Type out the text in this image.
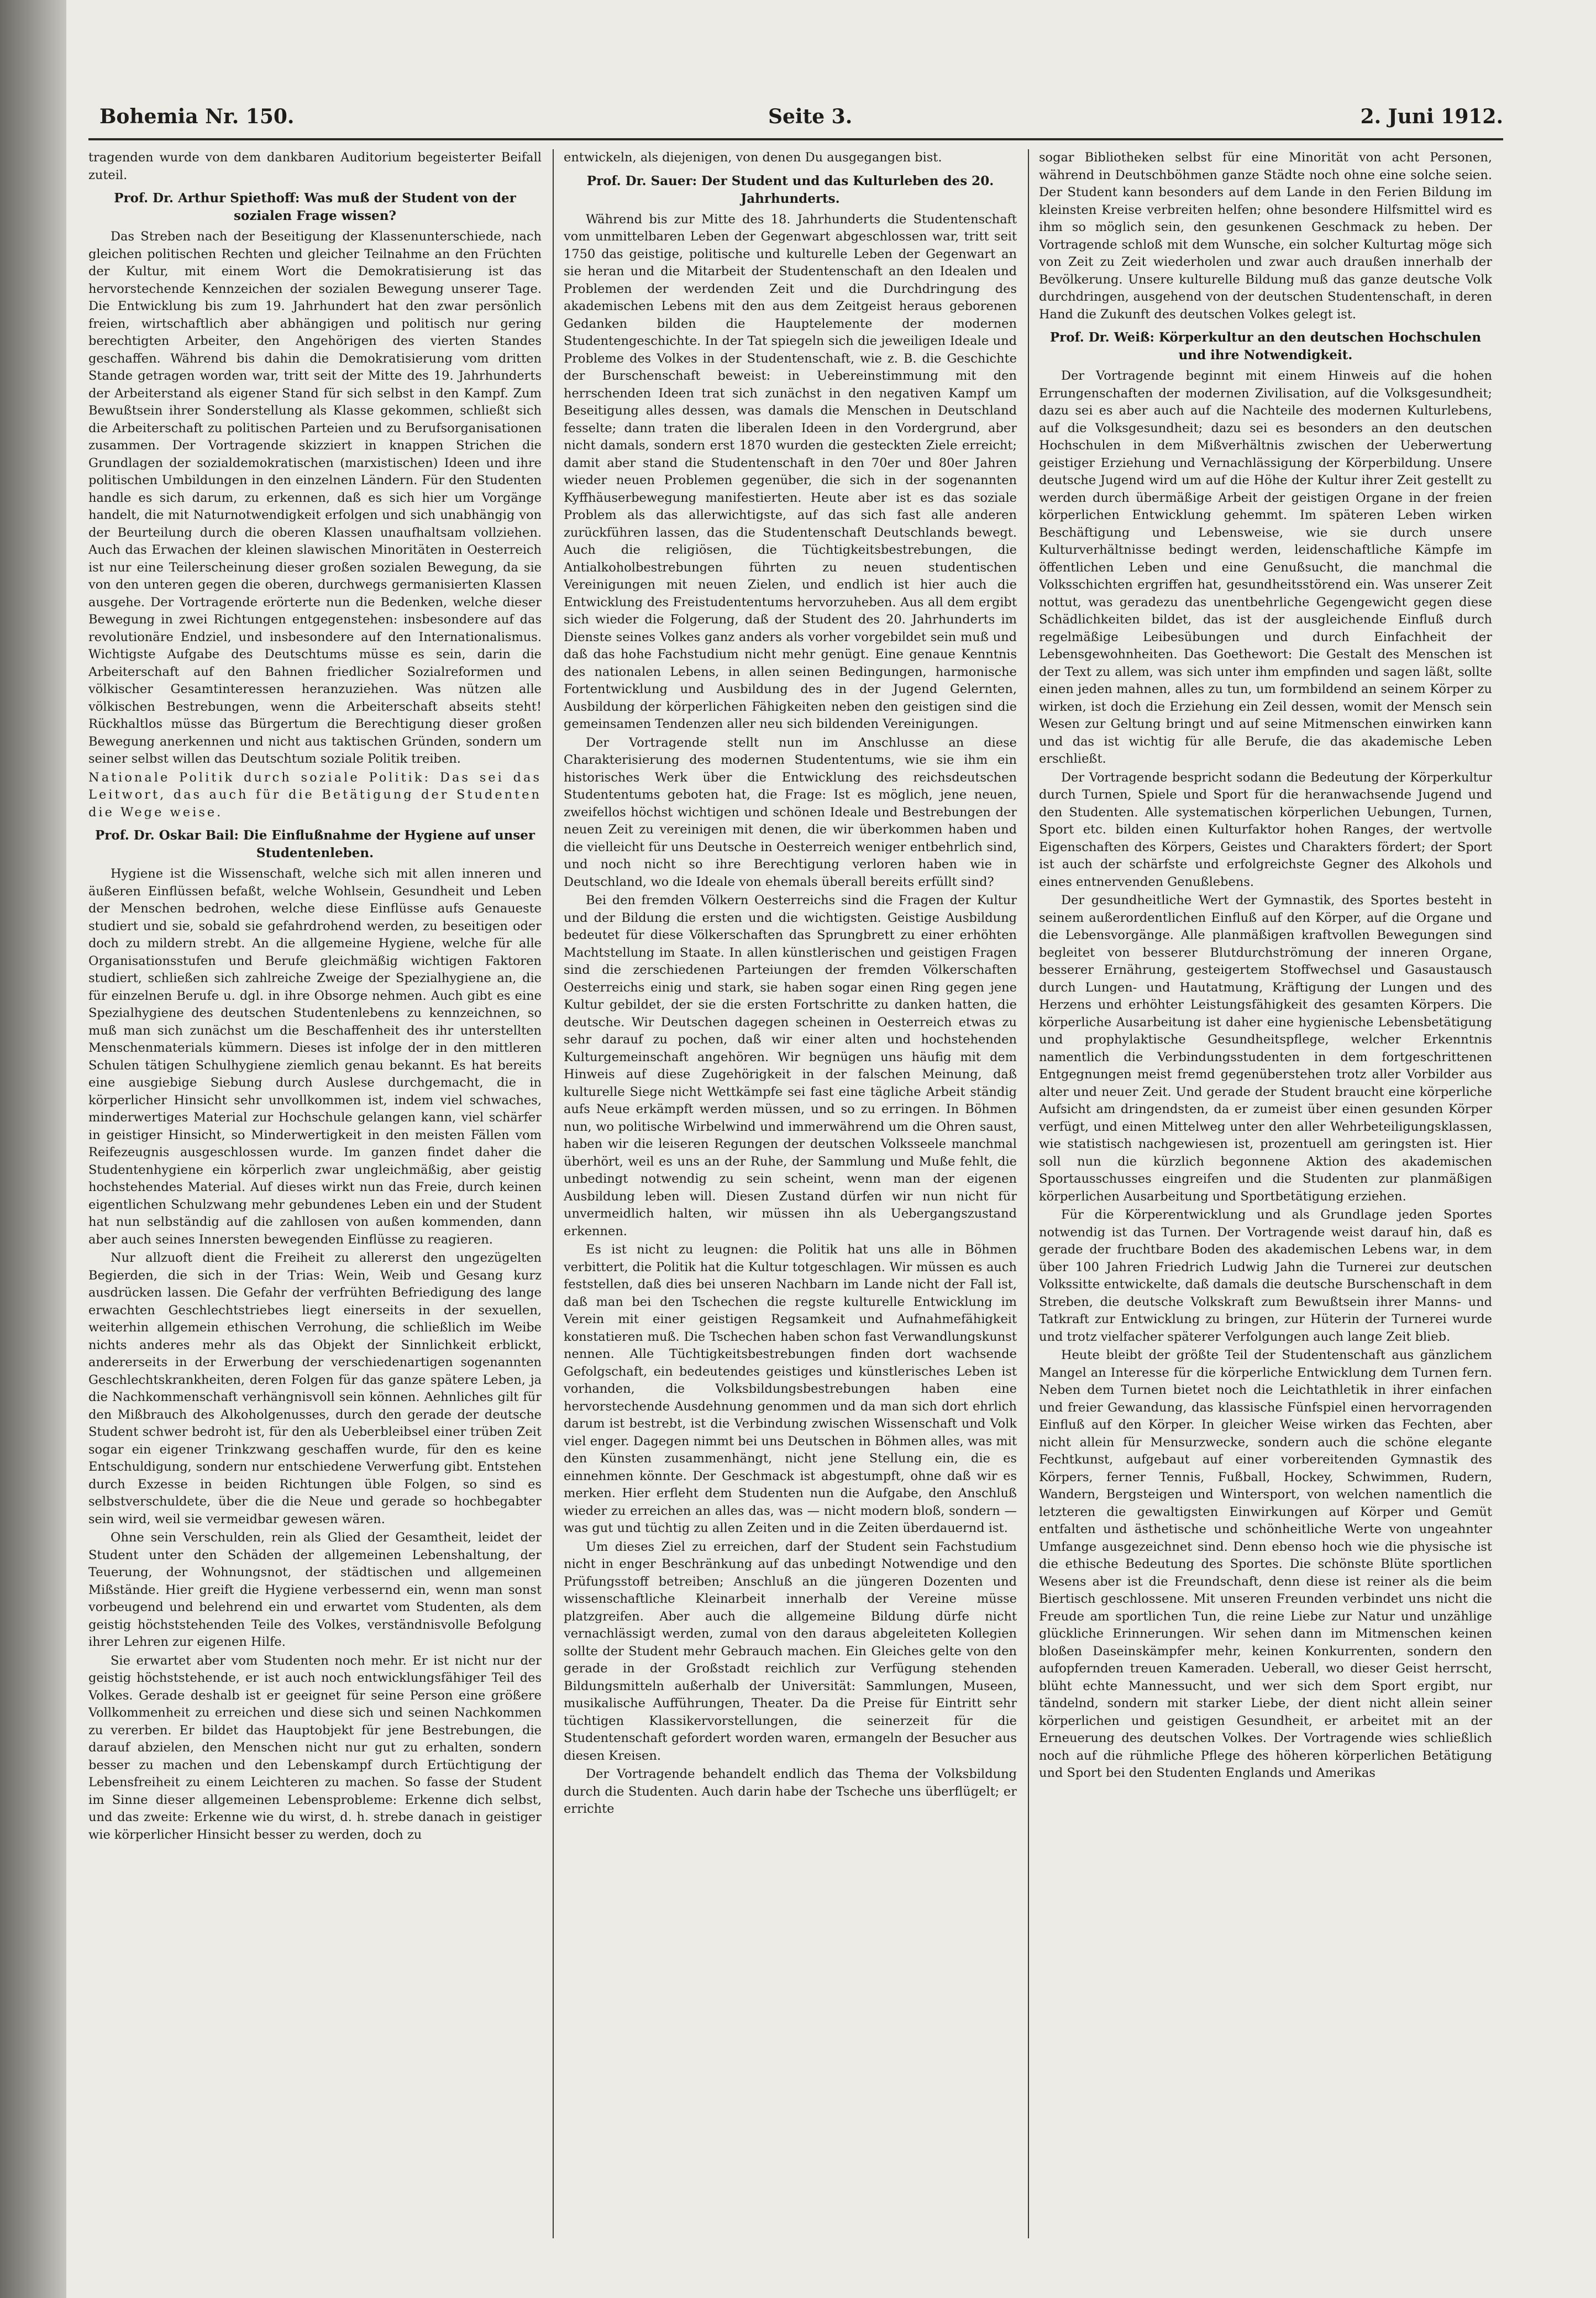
Bohemia Nr. 150.	Seite 3.	2. Juni 1912.

tragenden wurde von dem dankbaren Auditorium begeisterter Beifall zuteil.

Prof. Dr. Arthur Spiethoff: Was muß der Student von der sozialen Frage wissen?

Das Streben nach der Beseitigung der Klassenunterschiede, nach gleichen politischen Rechten und gleicher Teilnahme an den Früchten der Kultur, mit einem Wort die Demokratisierung ist das hervorstechende Kennzeichen der sozialen Bewegung unserer Tage. Die Entwicklung bis zum 19. Jahrhundert hat den zwar persönlich freien, wirtschaftlich aber abhängigen und politisch nur gering berechtigten Arbeiter, den Angehörigen des vierten Standes geschaffen. Während bis dahin die Demokratisierung vom dritten Stande getragen worden war, tritt seit der Mitte des 19. Jahrhunderts der Arbeiterstand als eigener Stand für sich selbst in den Kampf. Zum Bewußtsein ihrer Sonderstellung als Klasse gekommen, schließt sich die Arbeiterschaft zu politischen Parteien und zu Berufsorganisationen zusammen. Der Vortragende skizziert in knappen Strichen die Grundlagen der sozialdemokratischen (marxistischen) Ideen und ihre politischen Umbildungen in den einzelnen Ländern. Für den Studenten handle es sich darum, zu erkennen, daß es sich hier um Vorgänge handelt, die mit Naturnotwendigkeit erfolgen und sich unabhängig von der Beurteilung durch die oberen Klassen unaufhaltsam vollziehen. Auch das Erwachen der kleinen slawischen Minoritäten in Oesterreich ist nur eine Teilerscheinung dieser großen sozialen Bewegung, da sie von den unteren gegen die oberen, durchwegs germanisierten Klassen ausgehe. Der Vortragende erörterte nun die Bedenken, welche dieser Bewegung in zwei Richtungen entgegenstehen: insbesondere auf das revolutionäre Endziel, und insbesondere auf den Internationalismus. Wichtigste Aufgabe des Deutschtums müsse es sein, darin die Arbeiterschaft auf den Bahnen friedlicher Sozialreformen und völkischer Gesamtinteressen heranzuziehen. Was nützen alle völkischen Bestrebungen, wenn die Arbeiterschaft abseits steht! Rückhaltlos müsse das Bürgertum die Berechtigung dieser großen Bewegung anerkennen und nicht aus taktischen Gründen, sondern um seiner selbst willen das Deutschtum soziale Politik treiben.

Nationale Politik durch soziale Politik: Das sei das Leitwort, das auch für die Betätigung der Studenten die Wege weise.

Prof. Dr. Oskar Bail: Die Einflußnahme der Hygiene auf unser Studentenleben.

Hygiene ist die Wissenschaft, welche sich mit allen inneren und äußeren Einflüssen befaßt, welche Wohlsein, Gesundheit und Leben der Menschen bedrohen, welche diese Einflüsse aufs Genaueste studiert und sie, sobald sie gefahrdrohend werden, zu beseitigen oder doch zu mildern strebt. An die allgemeine Hygiene, welche für alle Organisationsstufen und Berufe gleichmäßig wichtigen Faktoren studiert, schließen sich zahlreiche Zweige der Spezialhygiene an, die für einzelnen Berufe u. dgl. in ihre Obsorge nehmen. Auch gibt es eine Spezialhygiene des deutschen Studentenlebens zu kennzeichnen, so muß man sich zunächst um die Beschaffenheit des ihr unterstellten Menschenmaterials kümmern. Dieses ist infolge der in den mittleren Schulen tätigen Schulhygiene ziemlich genau bekannt. Es hat bereits eine ausgiebige Siebung durch Auslese durchgemacht, die in körperlicher Hinsicht sehr unvollkommen ist, indem viel schwaches, minderwertiges Material zur Hochschule gelangen kann, viel schärfer in geistiger Hinsicht, so Minderwertigkeit in den meisten Fällen vom Reifezeugnis ausgeschlossen wurde. Im ganzen findet daher die Studentenhygiene ein körperlich zwar ungleichmäßig, aber geistig hochstehendes Material. Auf dieses wirkt nun das Freie, durch keinen eigentlichen Schulzwang mehr gebundenes Leben ein und der Student hat nun selbständig auf die zahllosen von außen kommenden, dann aber auch seines Innersten bewegenden Einflüsse zu reagieren.

Nur allzuoft dient die Freiheit zu allererst den ungezügelten Begierden, die sich in der Trias: Wein, Weib und Gesang kurz ausdrücken lassen. Die Gefahr der verfrühten Befriedigung des lange erwachten Geschlechtstriebes liegt einerseits in der sexuellen, weiterhin allgemein ethischen Verrohung, die schließlich im Weibe nichts anderes mehr als das Objekt der Sinnlichkeit erblickt, andererseits in der Erwerbung der verschiedenartigen sogenannten Geschlechtskrankheiten, deren Folgen für das ganze spätere Leben, ja die Nachkommenschaft verhängnisvoll sein können. Aehnliches gilt für den Mißbrauch des Alkoholgenusses, durch den gerade der deutsche Student schwer bedroht ist, für den als Ueberbleibsel einer trüben Zeit sogar ein eigener Trinkzwang geschaffen wurde, für den es keine Entschuldigung, sondern nur entschiedene Verwerfung gibt. Entstehen durch Exzesse in beiden Richtungen üble Folgen, so sind es selbstverschuldete, über die die Neue und gerade so hochbegabter sein wird, weil sie vermeidbar gewesen wären.

Ohne sein Verschulden, rein als Glied der Gesamtheit, leidet der Student unter den Schäden der allgemeinen Lebenshaltung, der Teuerung, der Wohnungsnot, der städtischen und allgemeinen Mißstände. Hier greift die Hygiene verbessernd ein, wenn man sonst vorbeugend und belehrend ein und erwartet vom Studenten, als dem geistig höchststehenden Teile des Volkes, verständnisvolle Befolgung ihrer Lehren zur eigenen Hilfe.

Sie erwartet aber vom Studenten noch mehr. Er ist nicht nur der geistig höchststehende, er ist auch noch entwicklungsfähiger Teil des Volkes. Gerade deshalb ist er geeignet für seine Person eine größere Vollkommenheit zu erreichen und diese sich und seinen Nachkommen zu vererben. Er bildet das Hauptobjekt für jene Bestrebungen, die darauf abzielen, den Menschen nicht nur gut zu erhalten, sondern besser zu machen und den Lebenskampf durch Ertüchtigung der Lebensfreiheit zu einem Leichteren zu machen. So fasse der Student im Sinne dieser allgemeinen Lebensprobleme: Erkenne dich selbst, und das zweite: Erkenne wie du wirst, d. h. strebe danach in geistiger wie körperlicher Hinsicht besser zu werden, doch zu

entwickeln, als diejenigen, von denen Du ausgegangen bist.

Prof. Dr. Sauer: Der Student und das Kulturleben des 20. Jahrhunderts.

Während bis zur Mitte des 18. Jahrhunderts die Studentenschaft vom unmittelbaren Leben der Gegenwart abgeschlossen war, tritt seit 1750 das geistige, politische und kulturelle Leben der Gegenwart an sie heran und die Mitarbeit der Studentenschaft an den Idealen und Problemen der werdenden Zeit und die Durchdringung des akademischen Lebens mit den aus dem Zeitgeist heraus geborenen Gedanken bilden die Hauptelemente der modernen Studentengeschichte. In der Tat spiegeln sich die jeweiligen Ideale und Probleme des Volkes in der Studentenschaft, wie z. B. die Geschichte der Burschenschaft beweist: in Uebereinstimmung mit den herrschenden Ideen trat sich zunächst in den negativen Kampf um Beseitigung alles dessen, was damals die Menschen in Deutschland fesselte; dann traten die liberalen Ideen in den Vordergrund, aber nicht damals, sondern erst 1870 wurden die gesteckten Ziele erreicht; damit aber stand die Studentenschaft in den 70er und 80er Jahren wieder neuen Problemen gegenüber, die sich in der sogenannten Kyffhäuserbewegung manifestierten. Heute aber ist es das soziale Problem als das allerwichtigste, auf das sich fast alle anderen zurückführen lassen, das die Studentenschaft Deutschlands bewegt. Auch die religiösen, die Tüchtigkeitsbestrebungen, die Antialkoholbestrebungen führten zu neuen studentischen Vereinigungen mit neuen Zielen, und endlich ist hier auch die Entwicklung des Freistudententums hervorzuheben. Aus all dem ergibt sich wieder die Folgerung, daß der Student des 20. Jahrhunderts im Dienste seines Volkes ganz anders als vorher vorgebildet sein muß und daß das hohe Fachstudium nicht mehr genügt. Eine genaue Kenntnis des nationalen Lebens, in allen seinen Bedingungen, harmonische Fortentwicklung und Ausbildung des in der Jugend Gelernten, Ausbildung der körperlichen Fähigkeiten neben den geistigen sind die gemeinsamen Tendenzen aller neu sich bildenden Vereinigungen.

Der Vortragende stellt nun im Anschlusse an diese Charakterisierung des modernen Studententums, wie sie ihm ein historisches Werk über die Entwicklung des reichsdeutschen Studententums geboten hat, die Frage: Ist es möglich, jene neuen, zweifellos höchst wichtigen und schönen Ideale und Bestrebungen der neuen Zeit zu vereinigen mit denen, die wir überkommen haben und die vielleicht für uns Deutsche in Oesterreich weniger entbehrlich sind, und noch nicht so ihre Berechtigung verloren haben wie in Deutschland, wo die Ideale von ehemals überall bereits erfüllt sind?

Bei den fremden Völkern Oesterreichs sind die Fragen der Kultur und der Bildung die ersten und die wichtigsten. Geistige Ausbildung bedeutet für diese Völkerschaften das Sprungbrett zu einer erhöhten Machtstellung im Staate. In allen künstlerischen und geistigen Fragen sind die zerschiedenen Parteiungen der fremden Völkerschaften Oesterreichs einig und stark, sie haben sogar einen Ring gegen jene Kultur gebildet, der sie die ersten Fortschritte zu danken hatten, die deutsche. Wir Deutschen dagegen scheinen in Oesterreich etwas zu sehr darauf zu pochen, daß wir einer alten und hochstehenden Kulturgemeinschaft angehören. Wir begnügen uns häufig mit dem Hinweis auf diese Zugehörigkeit in der falschen Meinung, daß kulturelle Siege nicht Wettkämpfe sei fast eine tägliche Arbeit ständig aufs Neue erkämpft werden müssen, und so zu erringen. In Böhmen nun, wo politische Wirbelwind und immerwährend um die Ohren saust, haben wir die leiseren Regungen der deutschen Volksseele manchmal überhört, weil es uns an der Ruhe, der Sammlung und Muße fehlt, die unbedingt notwendig zu sein scheint, wenn man der eigenen Ausbildung leben will. Diesen Zustand dürfen wir nun nicht für unvermeidlich halten, wir müssen ihn als Uebergangszustand erkennen.

Es ist nicht zu leugnen: die Politik hat uns alle in Böhmen verbittert, die Politik hat die Kultur totgeschlagen. Wir müssen es auch feststellen, daß dies bei unseren Nachbarn im Lande nicht der Fall ist, daß man bei den Tschechen die regste kulturelle Entwicklung im Verein mit einer geistigen Regsamkeit und Aufnahmefähigkeit konstatieren muß. Die Tschechen haben schon fast Verwandlungskunst nennen. Alle Tüchtigkeitsbestrebungen finden dort wachsende Gefolgschaft, ein bedeutendes geistiges und künstlerisches Leben ist vorhanden, die Volksbildungsbestrebungen haben eine hervorstechende Ausdehnung genommen und da man sich dort ehrlich darum ist bestrebt, ist die Verbindung zwischen Wissenschaft und Volk viel enger. Dagegen nimmt bei uns Deutschen in Böhmen alles, was mit den Künsten zusammenhängt, nicht jene Stellung ein, die es einnehmen könnte. Der Geschmack ist abgestumpft, ohne daß wir es merken. Hier erfleht dem Studenten nun die Aufgabe, den Anschluß wieder zu erreichen an alles das, was — nicht modern bloß, sondern — was gut und tüchtig zu allen Zeiten und in die Zeiten überdauernd ist.

Um dieses Ziel zu erreichen, darf der Student sein Fachstudium nicht in enger Beschränkung auf das unbedingt Notwendige und den Prüfungsstoff betreiben; Anschluß an die jüngeren Dozenten und wissenschaftliche Kleinarbeit innerhalb der Vereine müsse platzgreifen. Aber auch die allgemeine Bildung dürfe nicht vernachlässigt werden, zumal von den daraus abgeleiteten Kollegien sollte der Student mehr Gebrauch machen. Ein Gleiches gelte von den gerade in der Großstadt reichlich zur Verfügung stehenden Bildungsmitteln außerhalb der Universität: Sammlungen, Museen, musikalische Aufführungen, Theater. Da die Preise für Eintritt sehr tüchtigen Klassikervorstellungen, die seinerzeit für die Studentenschaft gefordert worden waren, ermangeln der Besucher aus diesen Kreisen.

Der Vortragende behandelt endlich das Thema der Volksbildung durch die Studenten. Auch darin habe der Tscheche uns überflügelt; er errichte

sogar Bibliotheken selbst für eine Minorität von acht Personen, während in Deutschböhmen ganze Städte noch ohne eine solche seien. Der Student kann besonders auf dem Lande in den Ferien Bildung im kleinsten Kreise verbreiten helfen; ohne besondere Hilfsmittel wird es ihm so möglich sein, den gesunkenen Geschmack zu heben. Der Vortragende schloß mit dem Wunsche, ein solcher Kulturtag möge sich von Zeit zu Zeit wiederholen und zwar auch draußen innerhalb der Bevölkerung. Unsere kulturelle Bildung muß das ganze deutsche Volk durchdringen, ausgehend von der deutschen Studentenschaft, in deren Hand die Zukunft des deutschen Volkes gelegt ist.

Prof. Dr. Weiß: Körperkultur an den deutschen Hochschulen und ihre Notwendigkeit.

Der Vortragende beginnt mit einem Hinweis auf die hohen Errungenschaften der modernen Zivilisation, auf die Volksgesundheit; dazu sei es aber auch auf die Nachteile des modernen Kulturlebens, auf die Volksgesundheit; dazu sei es besonders an den deutschen Hochschulen in dem Mißverhältnis zwischen der Ueberwertung geistiger Erziehung und Vernachlässigung der Körperbildung. Unsere deutsche Jugend wird um auf die Höhe der Kultur ihrer Zeit gestellt zu werden durch übermäßige Arbeit der geistigen Organe in der freien körperlichen Entwicklung gehemmt. Im späteren Leben wirken Beschäftigung und Lebensweise, wie sie durch unsere Kulturverhältnisse bedingt werden, leidenschaftliche Kämpfe im öffentlichen Leben und eine Genußsucht, die manchmal die Volksschichten ergriffen hat, gesundheitsstörend ein. Was unserer Zeit nottut, was geradezu das unentbehrliche Gegengewicht gegen diese Schädlichkeiten bildet, das ist der ausgleichende Einfluß durch regelmäßige Leibesübungen und durch Einfachheit der Lebensgewohnheiten. Das Goethewort: Die Gestalt des Menschen ist der Text zu allem, was sich unter ihm empfinden und sagen läßt, sollte einen jeden mahnen, alles zu tun, um formbildend an seinem Körper zu wirken, ist doch die Erziehung ein Zeil dessen, womit der Mensch sein Wesen zur Geltung bringt und auf seine Mitmenschen einwirken kann und das ist wichtig für alle Berufe, die das akademische Leben erschließt.

Der Vortragende bespricht sodann die Bedeutung der Körperkultur durch Turnen, Spiele und Sport für die heranwachsende Jugend und den Studenten. Alle systematischen körperlichen Uebungen, Turnen, Sport etc. bilden einen Kulturfaktor hohen Ranges, der wertvolle Eigenschaften des Körpers, Geistes und Charakters fördert; der Sport ist auch der schärfste und erfolgreichste Gegner des Alkohols und eines entnervenden Genußlebens.

Der gesundheitliche Wert der Gymnastik, des Sportes besteht in seinem außerordentlichen Einfluß auf den Körper, auf die Organe und die Lebensvorgänge. Alle planmäßigen kraftvollen Bewegungen sind begleitet von besserer Blutdurchströmung der inneren Organe, besserer Ernährung, gesteigertem Stoffwechsel und Gasaustausch durch Lungen- und Hautatmung, Kräftigung der Lungen und des Herzens und erhöhter Leistungsfähigkeit des gesamten Körpers. Die körperliche Ausarbeitung ist daher eine hygienische Lebensbetätigung und prophylaktische Gesundheitspflege, welcher Erkenntnis namentlich die Verbindungsstudenten in dem fortgeschrittenen Entgegnungen meist fremd gegenüberstehen trotz aller Vorbilder aus alter und neuer Zeit. Und gerade der Student braucht eine körperliche Aufsicht am dringendsten, da er zumeist über einen gesunden Körper verfügt, und einen Mittelweg unter den aller Wehrbeteiligungsklassen, wie statistisch nachgewiesen ist, prozentuell am geringsten ist. Hier soll nun die kürzlich begonnene Aktion des akademischen Sportausschusses eingreifen und die Studenten zur planmäßigen körperlichen Ausarbeitung und Sportbetätigung erziehen.

Für die Körperentwicklung und als Grundlage jeden Sportes notwendig ist das Turnen. Der Vortragende weist darauf hin, daß es gerade der fruchtbare Boden des akademischen Lebens war, in dem über 100 Jahren Friedrich Ludwig Jahn die Turnerei zur deutschen Volkssitte entwickelte, daß damals die deutsche Burschenschaft in dem Streben, die deutsche Volkskraft zum Bewußtsein ihrer Manns- und Tatkraft zur Entwicklung zu bringen, zur Hüterin der Turnerei wurde und trotz vielfacher späterer Verfolgungen auch lange Zeit blieb.

Heute bleibt der größte Teil der Studentenschaft aus gänzlichem Mangel an Interesse für die körperliche Entwicklung dem Turnen fern. Neben dem Turnen bietet noch die Leichtathletik in ihrer einfachen und freier Gewandung, das klassische Fünfspiel einen hervorragenden Einfluß auf den Körper. In gleicher Weise wirken das Fechten, aber nicht allein für Mensurzwecke, sondern auch die schöne elegante Fechtkunst, aufgebaut auf einer vorbereitenden Gymnastik des Körpers, ferner Tennis, Fußball, Hockey, Schwimmen, Rudern, Wandern, Bergsteigen und Wintersport, von welchen namentlich die letzteren die gewaltigsten Einwirkungen auf Körper und Gemüt entfalten und ästhetische und schönheitliche Werte von ungeahnter Umfange ausgezeichnet sind. Denn ebenso hoch wie die physische ist die ethische Bedeutung des Sportes. Die schönste Blüte sportlichen Wesens aber ist die Freundschaft, denn diese ist reiner als die beim Biertisch geschlossene. Mit unseren Freunden verbindet uns nicht die Freude am sportlichen Tun, die reine Liebe zur Natur und unzählige glückliche Erinnerungen. Wir sehen dann im Mitmenschen keinen bloßen Daseinskämpfer mehr, keinen Konkurrenten, sondern den aufopfernden treuen Kameraden. Ueberall, wo dieser Geist herrscht, blüht echte Mannessucht, und wer sich dem Sport ergibt, nur tändelnd, sondern mit starker Liebe, der dient nicht allein seiner körperlichen und geistigen Gesundheit, er arbeitet mit an der Erneuerung des deutschen Volkes. Der Vortragende wies schließlich noch auf die rühmliche Pflege des höheren körperlichen Betätigung und Sport bei den Studenten Englands und Amerikas
